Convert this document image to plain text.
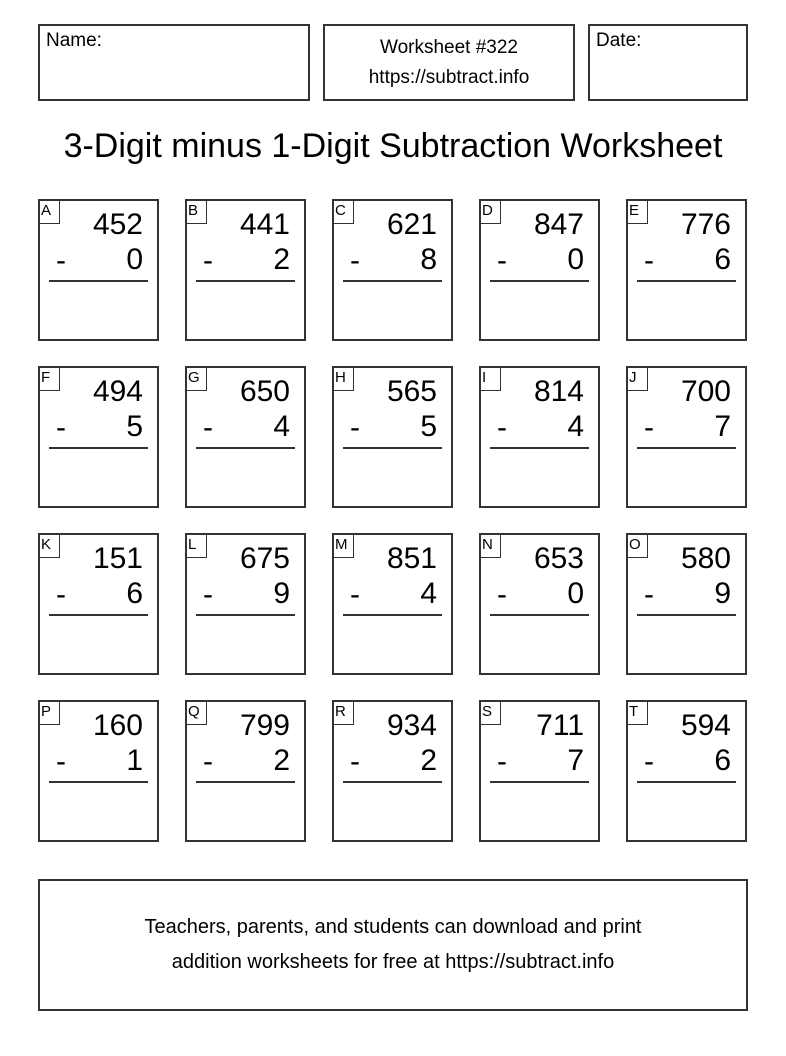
Name:	Worksheet #322
https://subtract.info
Date:
3-Digit minus 1-Digit Subtraction Worksheet
A 452
- 0
B 441
- 2
C 621
- 8
D 847
- 0
E 776
- 6
F	494
- 5
G 650
- 4
H 565
- 5
I	814
- 4
J	700
- 7
K 151
- 6
L	675
- 9
M 851
- 4
N 653
- 0
O 580
- 9
P 160
- 1
Q 799
- 2
R 934
- 2
S 711
- 7
T	594
- 6
Teachers, parents, and students can download and print
addition worksheets for free at https://subtract.info
